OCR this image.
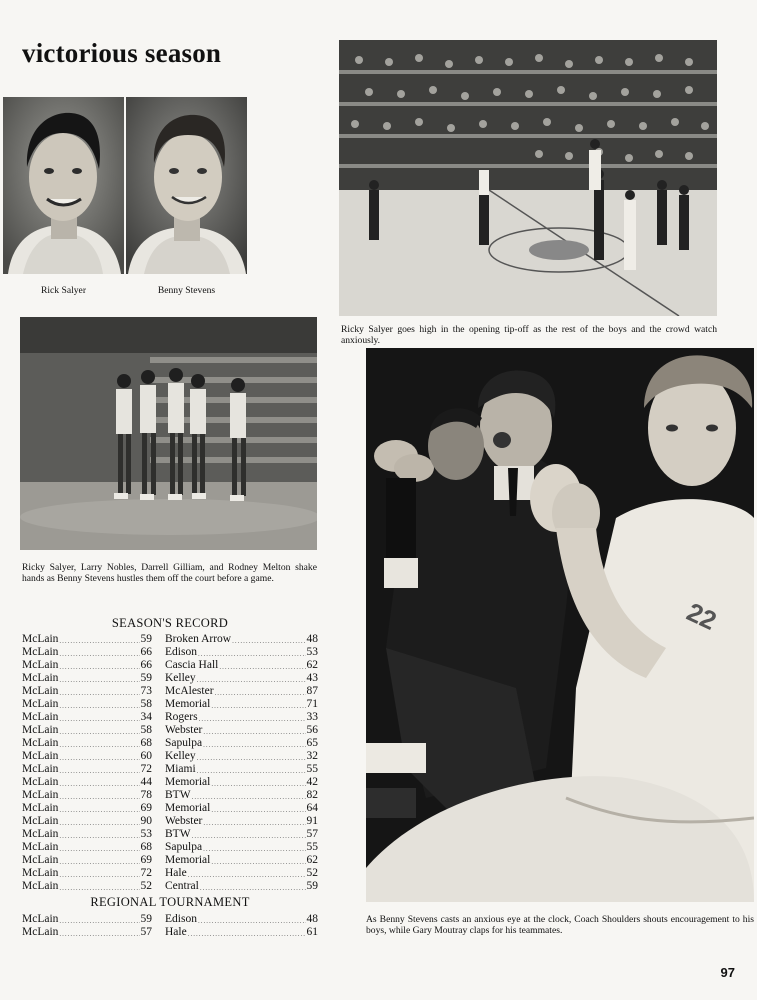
victorious season
Rick Salyer	Benny Stevens
Ricky Salyer goes high in the opening tip-off as the rest of the boys and the crowd watch anxiously.
Ricky Salyer, Larry Nobles, Darrell Gilliam, and Rodney Melton shake hands as Benny Stevens hustles them off the court before a game.
22
As Benny Stevens casts an anxious eye at the clock, Coach Shoulders shouts encouragement to his boys, while Gary Moutray claps for his teammates.
SEASON'S RECORD
McLain .....	59 Broken Arrow .....	48
McLain .....	66 Edison .....	53
McLain .....	66 Cascia Hall .....	62
McLain .....	59 Kelley .....	43
McLain .....	73 McAlester .....	87
McLain .....	58 Memorial .....	71
McLain .....	34 Rogers .....	33
McLain .....	58 Webster .....	56
McLain .....	68 Sapulpa .....	65
McLain .....	60 Kelley .....	32
McLain .....	72 Miami .....	55
McLain .....	44 Memorial .....	42
McLain .....	78 BTW .....	82
McLain .....	69 Memorial .....	64
McLain .....	90 Webster .....	91
McLain .....	53 BTW .....	57
McLain .....	68 Sapulpa .....	55
McLain .....	69 Memorial .....	62
McLain .....	72 Hale .....	52
McLain .....	52 Central .....	59
REGIONAL TOURNAMENT
McLain .....	59 Edison .....	48
McLain .....	57 Hale .....	61
97
